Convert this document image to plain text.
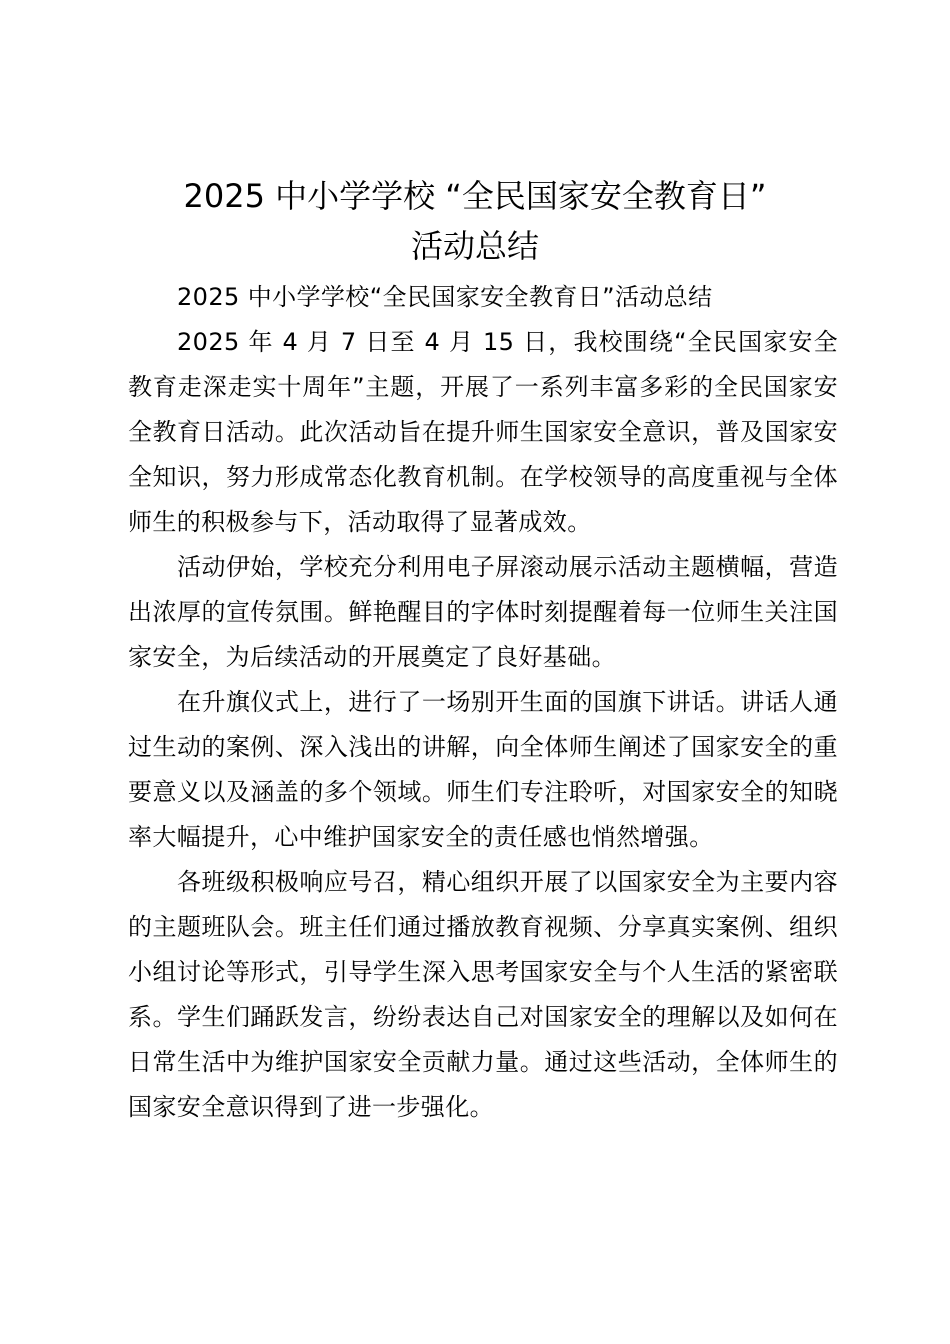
2025 中小学学校 “全民国家安全教育日”
活动总结

2025 中小学学校“全民国家安全教育日”活动总结

2025 年 4 月 7 日至 4 月 15 日，我校围绕“全民国家安全教育走深走实十周年”主题，开展了一系列丰富多彩的全民国家安全教育日活动。此次活动旨在提升师生国家安全意识，普及国家安全知识，努力形成常态化教育机制。在学校领导的高度重视与全体师生的积极参与下，活动取得了显著成效。

活动伊始，学校充分利用电子屏滚动展示活动主题横幅，营造出浓厚的宣传氛围。鲜艳醒目的字体时刻提醒着每一位师生关注国家安全，为后续活动的开展奠定了良好基础。

在升旗仪式上，进行了一场别开生面的国旗下讲话。讲话人通过生动的案例、深入浅出的讲解，向全体师生阐述了国家安全的重要意义以及涵盖的多个领域。师生们专注聆听，对国家安全的知晓率大幅提升，心中维护国家安全的责任感也悄然增强。

各班级积极响应号召，精心组织开展了以国家安全为主要内容的主题班队会。班主任们通过播放教育视频、分享真实案例、组织小组讨论等形式，引导学生深入思考国家安全与个人生活的紧密联系。学生们踊跃发言，纷纷表达自己对国家安全的理解以及如何在日常生活中为维护国家安全贡献力量。通过这些活动，全体师生的国家安全意识得到了进一步强化。
